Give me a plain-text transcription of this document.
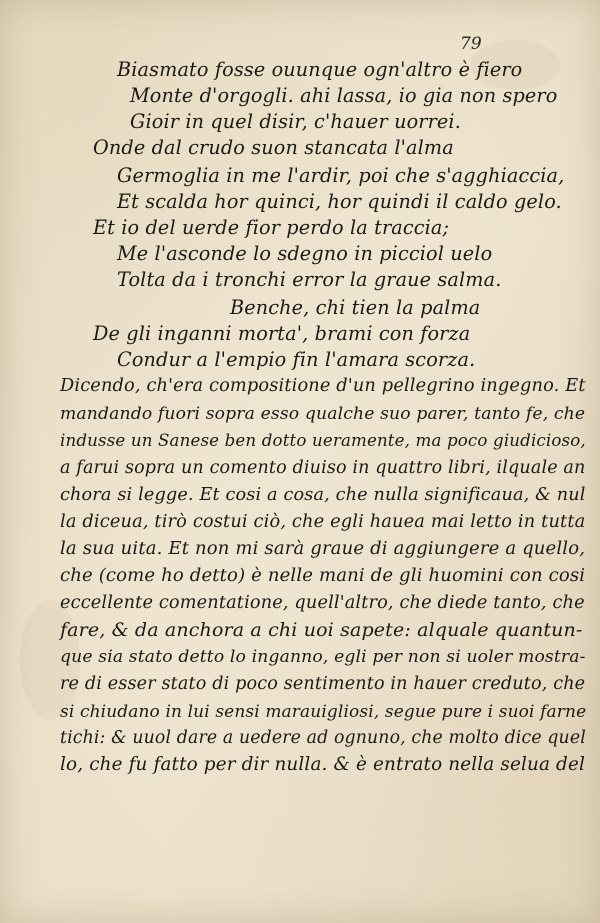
79
Biasmato fosse ouunque ogn'altro è fiero
Monte d'orgogli. ahi lassa, io gia non spero
Gioir in quel disir, c'hauer uorrei.
Onde dal crudo suon stancata l'alma
Germoglia in me l'ardir, poi che s'agghiaccia,
Et scalda hor quinci, hor quindi il caldo gelo.
Et io del uerde fior perdo la traccia;
Me l'asconde lo sdegno in picciol uelo
Tolta da i tronchi error la graue salma.
Benche, chi tien la palma
De gli inganni morta', brami con forza
Condur a l'empio fin l'amara scorza.
Dicendo, ch'era compositione d'un pellegrino ingegno. Et
mandando fuori sopra esso qualche suo parer, tanto fe, che
indusse un Sanese ben dotto ueramente, ma poco giudicioso,
a farui sopra un comento diuiso in quattro libri, ilquale an
chora si legge. Et cosi a cosa, che nulla significaua, & nul
la diceua, tirò costui ciò, che egli hauea mai letto in tutta
la sua uita. Et non mi sarà graue di aggiungere a quello,
che (come ho detto) è nelle mani de gli huomini con cosi
eccellente comentatione, quell'altro, che diede tanto, che
fare, & da anchora a chi uoi sapete: alquale quantun-
que sia stato detto lo inganno, egli per non si uoler mostra-
re di esser stato di poco sentimento in hauer creduto, che
si chiudano in lui sensi marauigliosi, segue pure i suoi farne
tichi: & uuol dare a uedere ad ognuno, che molto dice quel
lo, che fu fatto per dir nulla. & è entrato nella selua del
